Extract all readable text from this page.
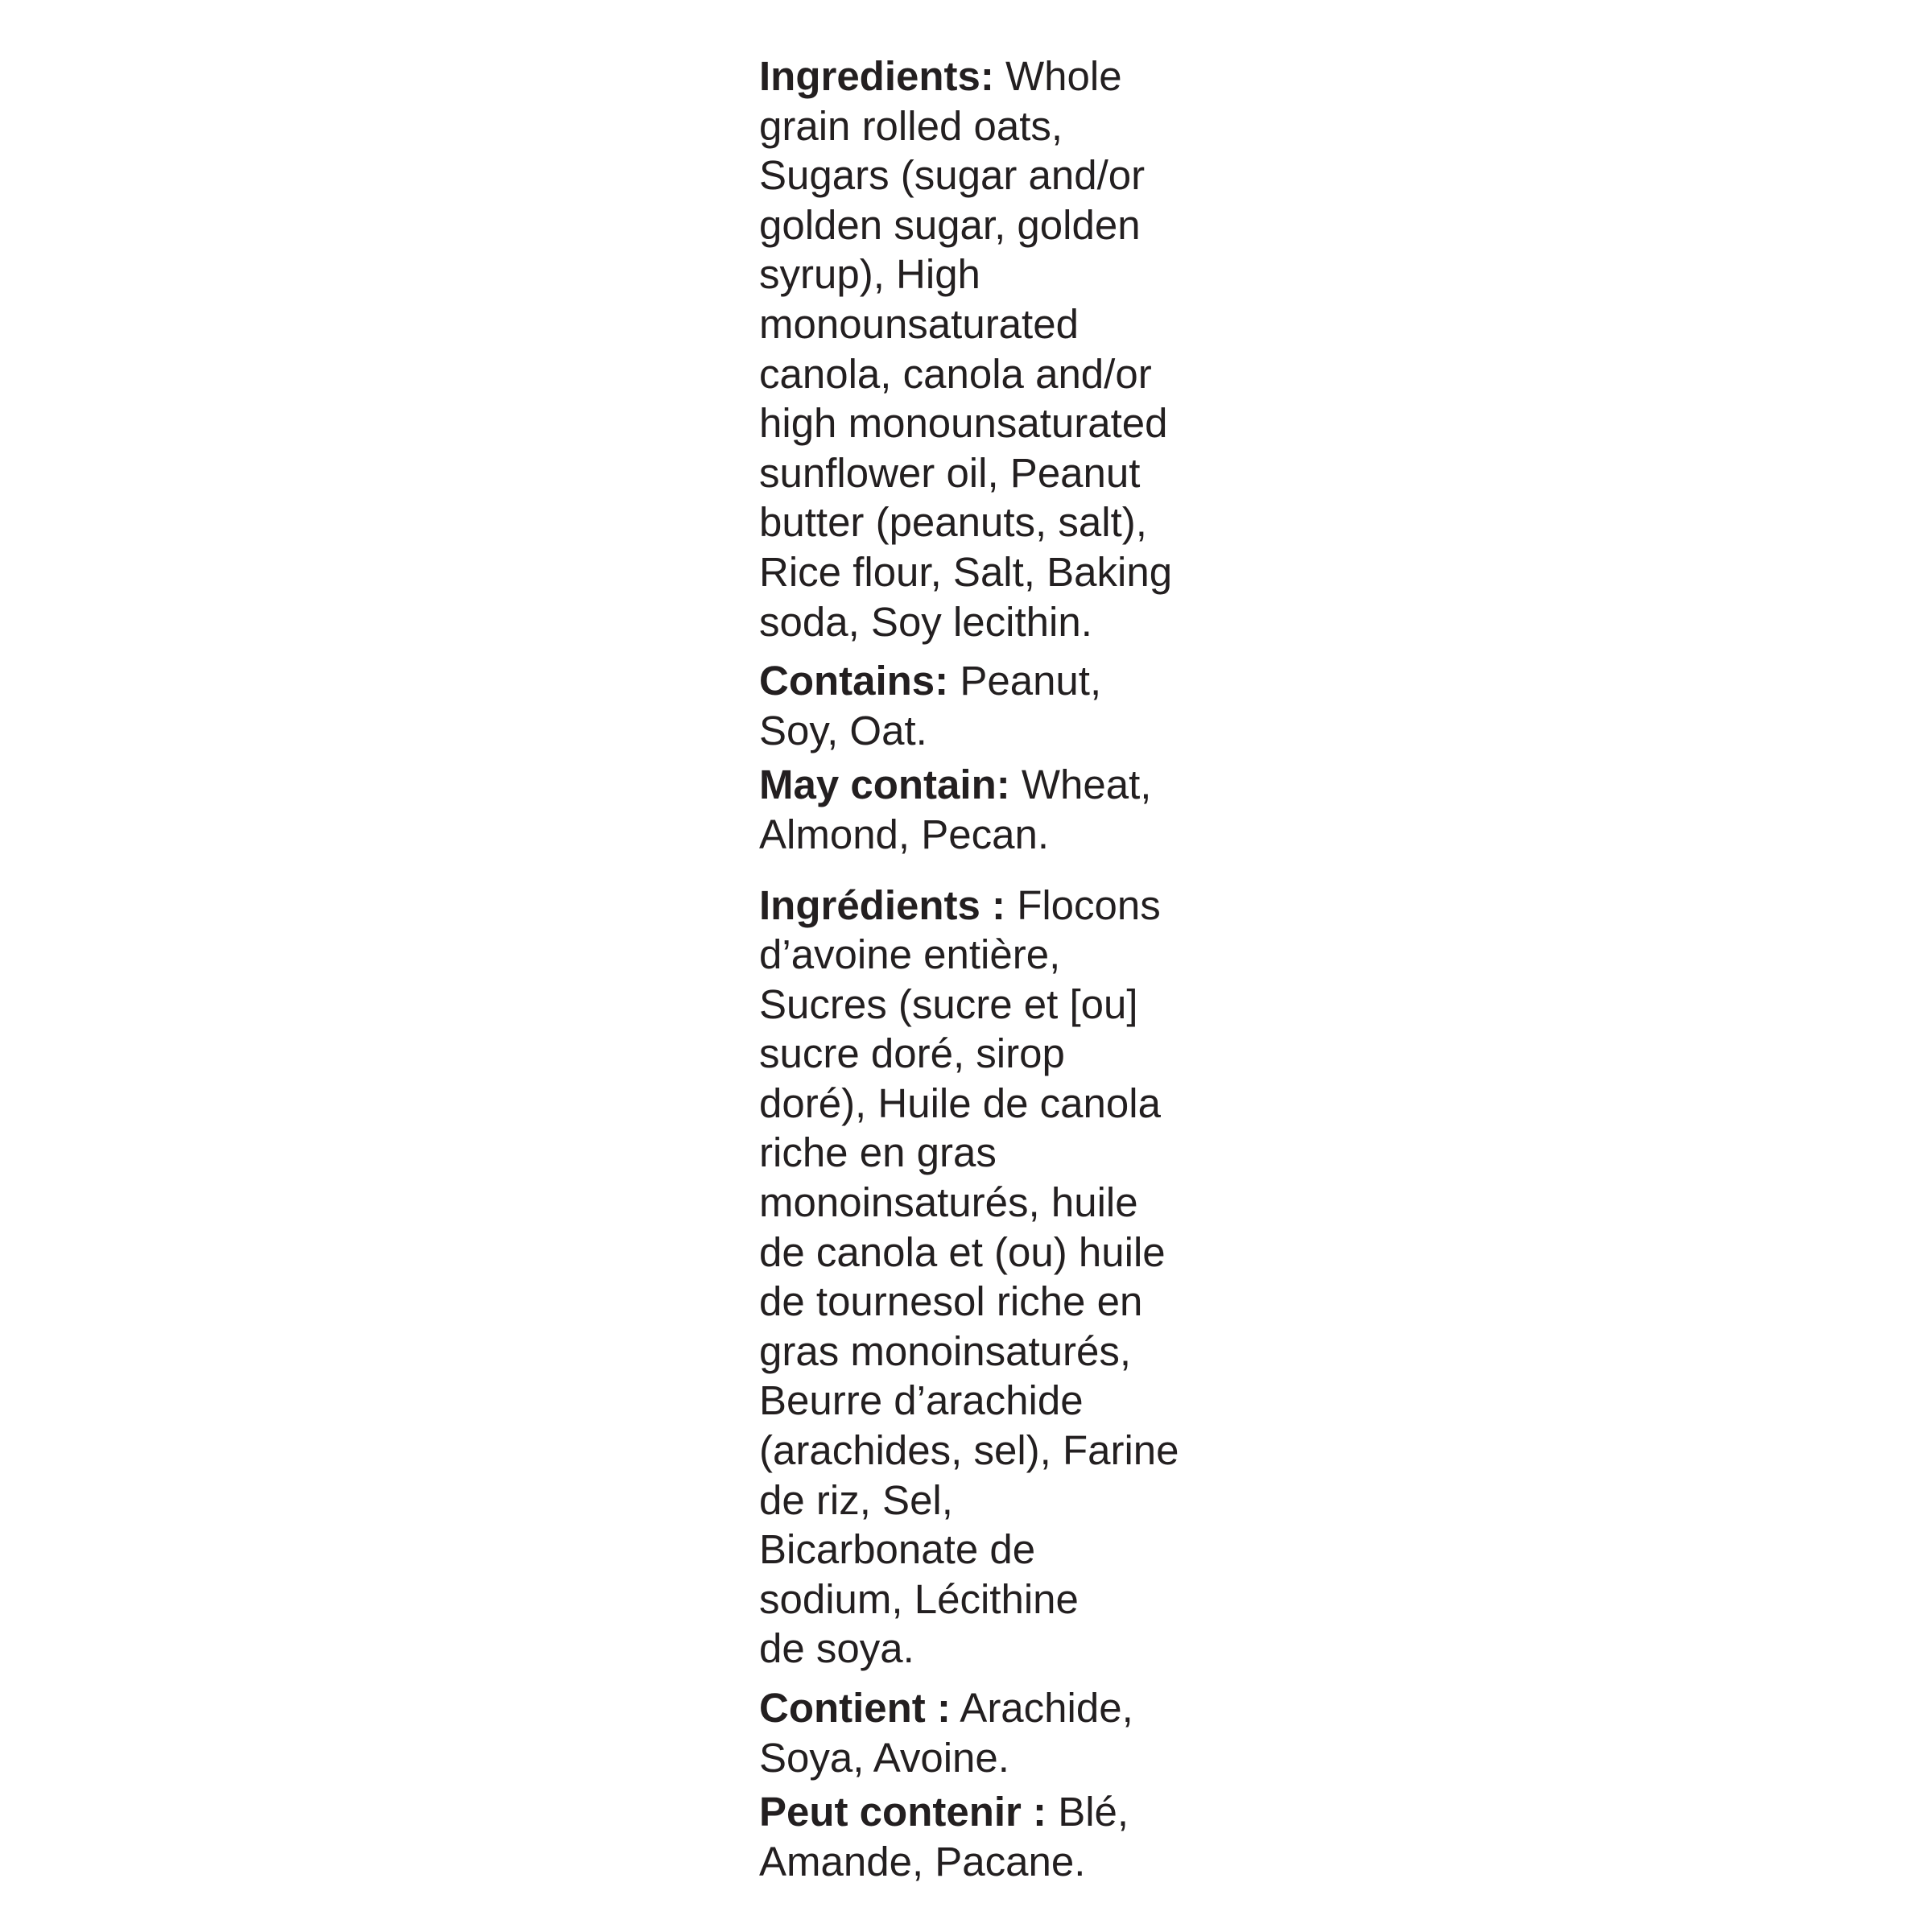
Ingredients: Whole
grain rolled oats,
Sugars (sugar and/or
golden sugar, golden
syrup), High
monounsaturated
canola, canola and/or
high monounsaturated
sunflower oil, Peanut
butter (peanuts, salt),
Rice flour, Salt, Baking
soda, Soy lecithin.
Contains: Peanut,
Soy, Oat.
May contain: Wheat,
Almond, Pecan.
Ingrédients : Flocons
d’avoine entière,
Sucres (sucre et [ou]
sucre doré, sirop
doré), Huile de canola
riche en gras
monoinsaturés, huile
de canola et (ou) huile
de tournesol riche en
gras monoinsaturés,
Beurre d’arachide
(arachides, sel), Farine
de riz, Sel,
Bicarbonate de
sodium, Lécithine
de soya.
Contient : Arachide,
Soya, Avoine.
Peut contenir : Blé,
Amande, Pacane.
